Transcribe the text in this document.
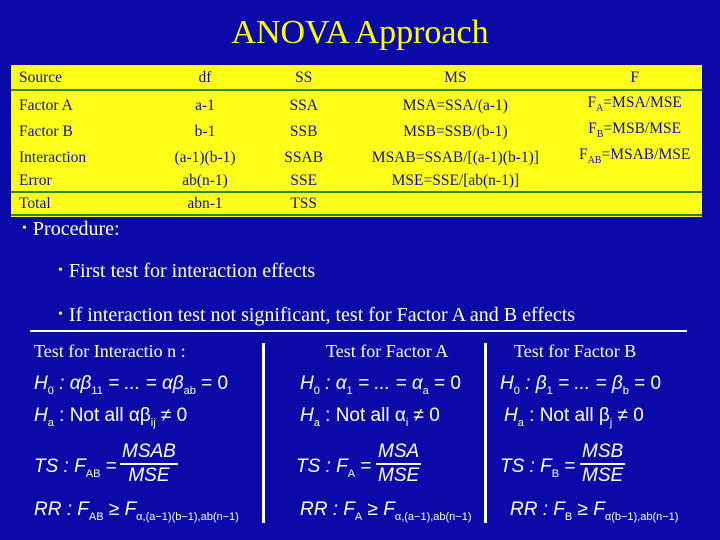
ANOVA Approach
Source	df	SS	MS	F
Factor A	a-1	SSA	MSA=SSA/(a-1)	$F_A=MSA$/MSE
Factor B	b-1	SSB	MSB=SSB/(b-1)	$F_B=MSB$/MSE
Interaction	(a-1)(b-1)	SSAB	MSAB=SSAB/[(a-1)(b-1)]	$F_{AB}=MSAB$/MSE
Error	ab(n-1)	SSE	MSE=SSE/[ab(n-1)]	
Total	abn-1	TSS		
• Procedure:
• First test for interaction effects
• If interaction test not significant, test for Factor A and B effects
Test for Interactio n :
$H_0$ : $\alpha\beta_{11}$ = ... = $\alpha\beta_{ab} = 0$
$H_a$ : Not all $\alpha\beta_{ij} \ne 0$
TS : $F_{AB}$ =
MSAB
MSE
RR : $F_{AB} \ge F_{\alpha,(a-1)(b-1),ab(n-1)}$
Test for Factor A
$H_0$ : $\alpha_1$ = ... = $\alpha_a = 0$
$H_a$ : Not all $\alpha_i \ne 0$
TS : $F_A$ =
MSA
MSE
RR : $F_A \ge F_{\alpha,(a-1),ab(n-1)}$
Test for Factor B
$H_0$ : $\beta_1$ = ... = $\beta_b = 0$
$H_a$ : Not all $\beta_j \ne 0$
TS : $F_B$ =
MSB
MSE
RR : $F_B \ge F_{\alpha(b-1),ab(n-1)}$
